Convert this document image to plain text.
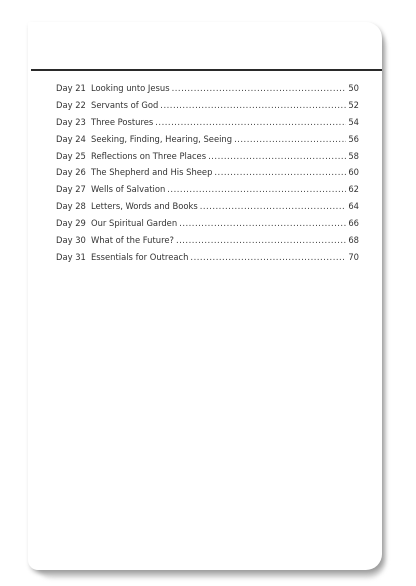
Day 21 Looking unto Jesus .....	50
Day 22 Servants of God .....	52
Day 23 Three Postures .....	54
Day 24 Seeking, Finding, Hearing, Seeing .....	56
Day 25 Reflections on Three Places .....	58
Day 26 The Shepherd and His Sheep .....	60
Day 27 Wells of Salvation .....	62
Day 28 Letters, Words and Books .....	64
Day 29 Our Spiritual Garden .....	66
Day 30 What of the Future? .....	68
Day 31 Essentials for Outreach .....	70
